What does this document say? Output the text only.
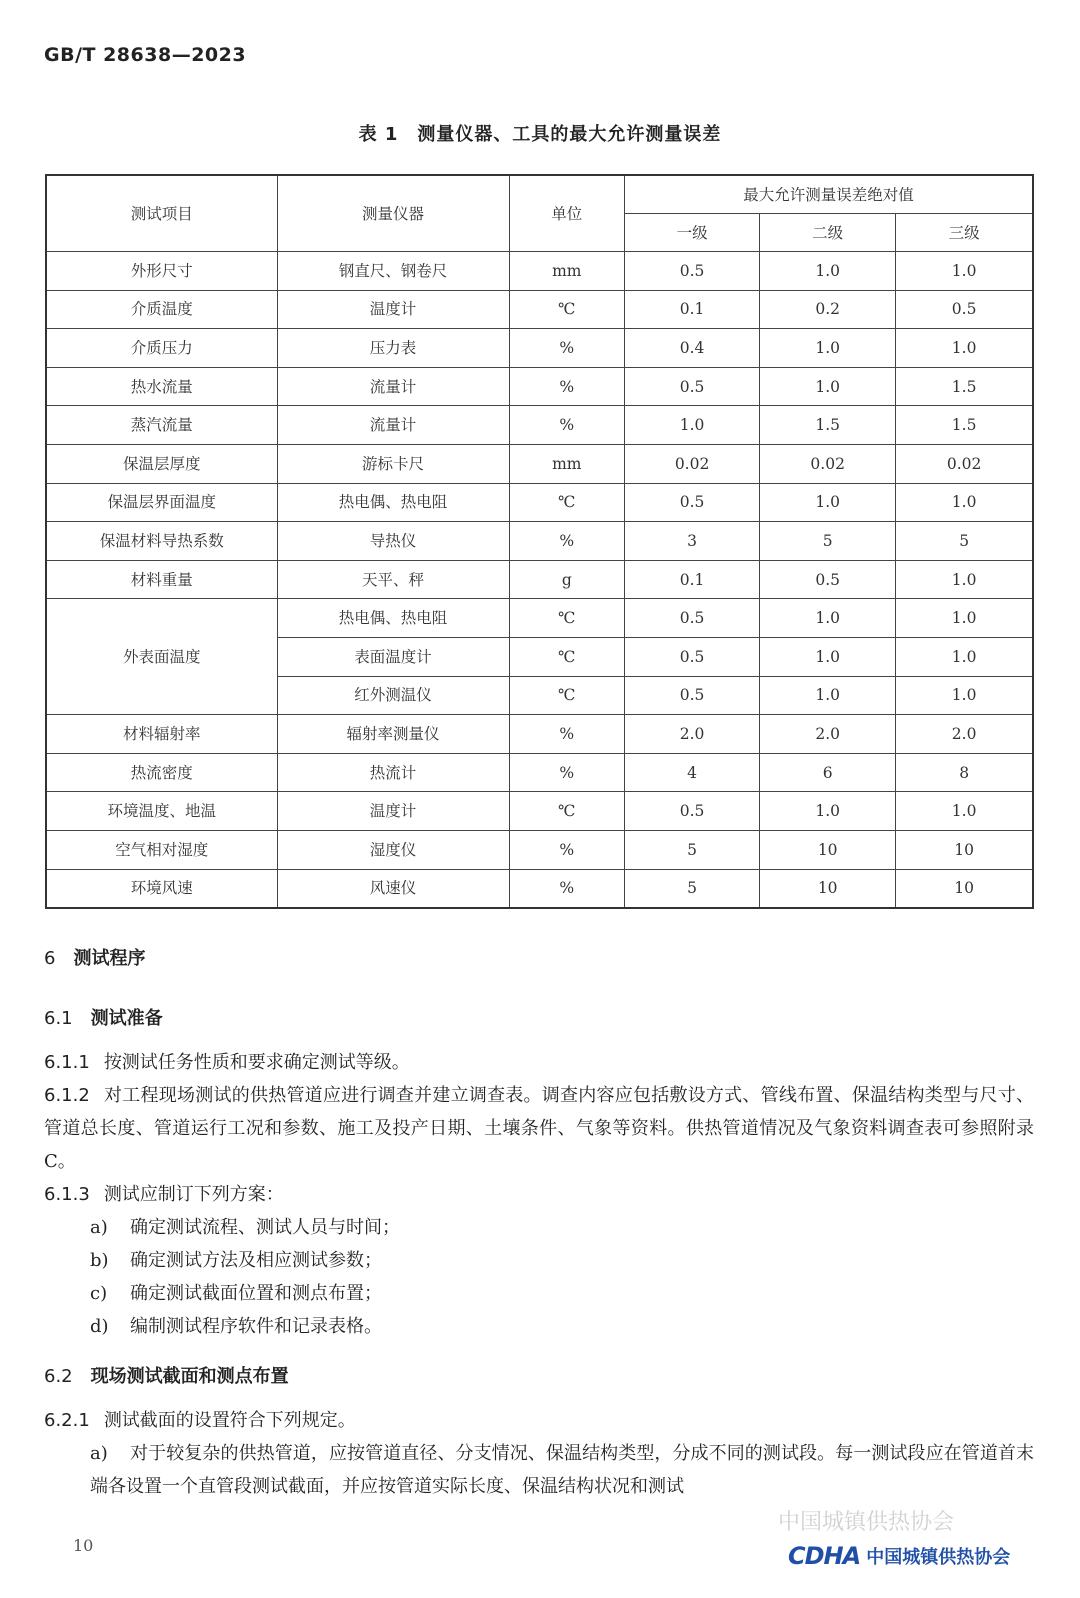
GB/T 28638—2023
表 1　测量仪器、工具的最大允许测量误差
测试项目	测量仪器	单位	最大允许测量误差绝对值		
			一级	二级	三级
外形尺寸	钢直尺、钢卷尺	mm	0.5	1.0	1.0
介质温度	温度计	℃	0.1	0.2	0.5
介质压力	压力表	%	0.4	1.0	1.0
热水流量	流量计	%	0.5	1.0	1.5
蒸汽流量	流量计	%	1.0	1.5	1.5
保温层厚度	游标卡尺	mm	0.02	0.02	0.02
保温层界面温度	热电偶、热电阻	℃	0.5	1.0	1.0
保温材料导热系数	导热仪	%	3	5	5
材料重量	天平、秤	g	0.1	0.5	1.0
外表面温度	热电偶、热电阻	℃	0.5	1.0	1.0
	表面温度计	℃	0.5	1.0	1.0
	红外测温仪	℃	0.5	1.0	1.0
材料辐射率	辐射率测量仪	%	2.0	2.0	2.0
热流密度	热流计	%	4	6	8
环境温度、地温	温度计	℃	0.5	1.0	1.0
空气相对湿度	湿度仪	%	5	10	10
环境风速	风速仪	%	5	10	10
6 测试程序
6.1 测试准备
6.1.1 按测试任务性质和要求确定测试等级。
6.1.2 对工程现场测试的供热管道应进行调查并建立调查表。调查内容应包括敷设方式、管线布置、保温结构类型与尺寸、管道总长度、管道运行工况和参数、施工及投产日期、土壤条件、气象等资料。供热管道情况及气象资料调查表可参照附录C。
6.1.3 测试应制订下列方案：
a) 确定测试流程、测试人员与时间；
b) 确定测试方法及相应测试参数；
c) 确定测试截面位置和测点布置；
d) 编制测试程序软件和记录表格。
6.2 现场测试截面和测点布置
6.2.1 测试截面的设置符合下列规定。
a) 对于较复杂的供热管道，应按管道直径、分支情况、保温结构类型，分成不同的测试段。每一测试段应在管道首末端各设置一个直管段测试截面，并应按管道实际长度、保温结构状况和测试
10
中国城镇供热协会
CDHA 中国城镇供热协会
